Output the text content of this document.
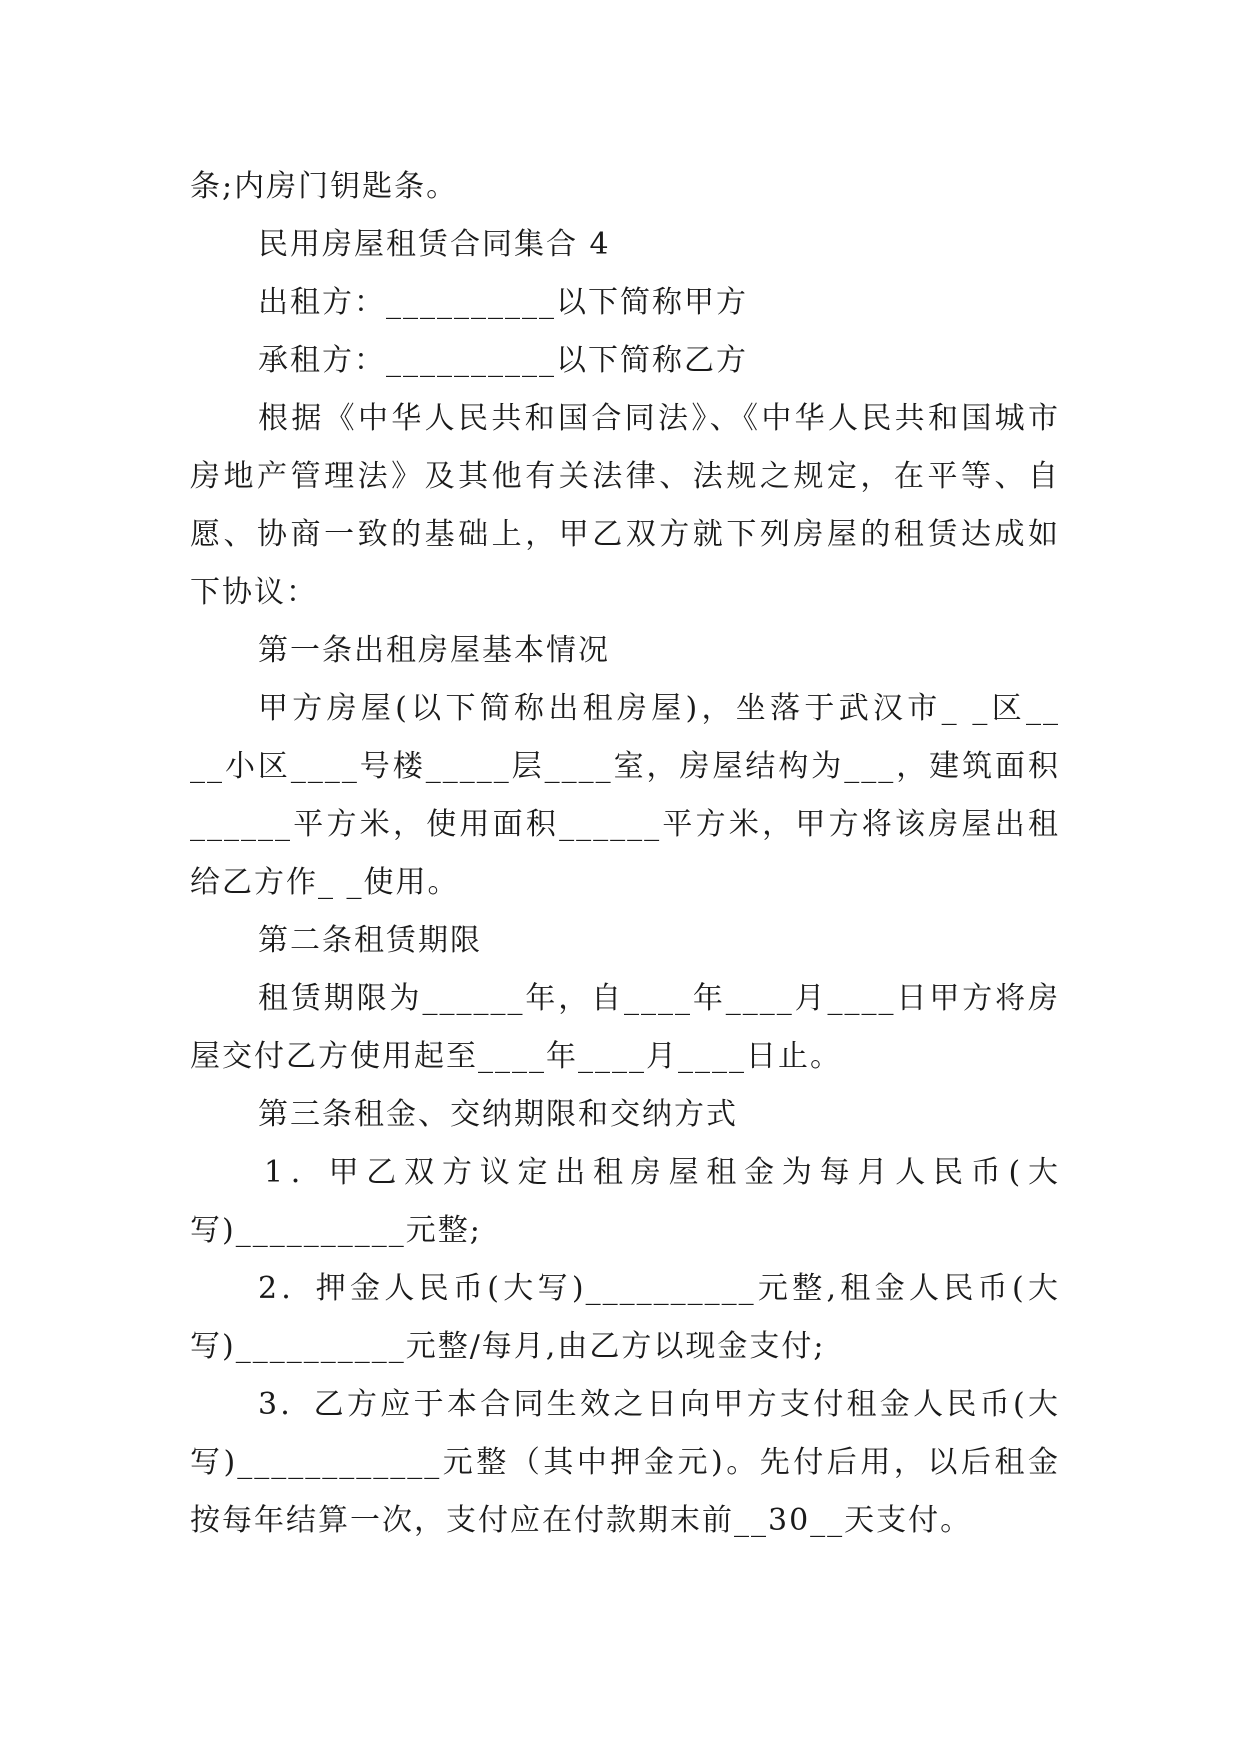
条;内房门钥匙条。
民用房屋租赁合同集合 4
出租方：__________以下简称甲方
承租方：__________以下简称乙方
根据《中华人民共和国合同法》、《中华人民共和国城市
房地产管理法》及其他有关法律、法规之规定，在平等、自
愿、协商一致的基础上，甲乙双方就下列房屋的租赁达成如
下协议：
第一条出租房屋基本情况
甲方房屋(以下简称出租房屋)，坐落于武汉市_ _区__
__小区____号楼_____层____室，房屋结构为___，建筑面积
______平方米，使用面积______平方米，甲方将该房屋出租
给乙方作_ _使用。
第二条租赁期限
租赁期限为______年，自____年____月____日甲方将房
屋交付乙方使用起至____年____月____日止。
第三条租金、交纳期限和交纳方式
1．甲乙双方议定出租房屋租金为每月人民币(大
写)__________元整;
2．押金人民币(大写)__________元整,租金人民币(大
写)__________元整/每月,由乙方以现金支付;
3．乙方应于本合同生效之日向甲方支付租金人民币(大
写)____________元整（其中押金元)。先付后用，以后租金
按每年结算一次，支付应在付款期末前__30__天支付。
